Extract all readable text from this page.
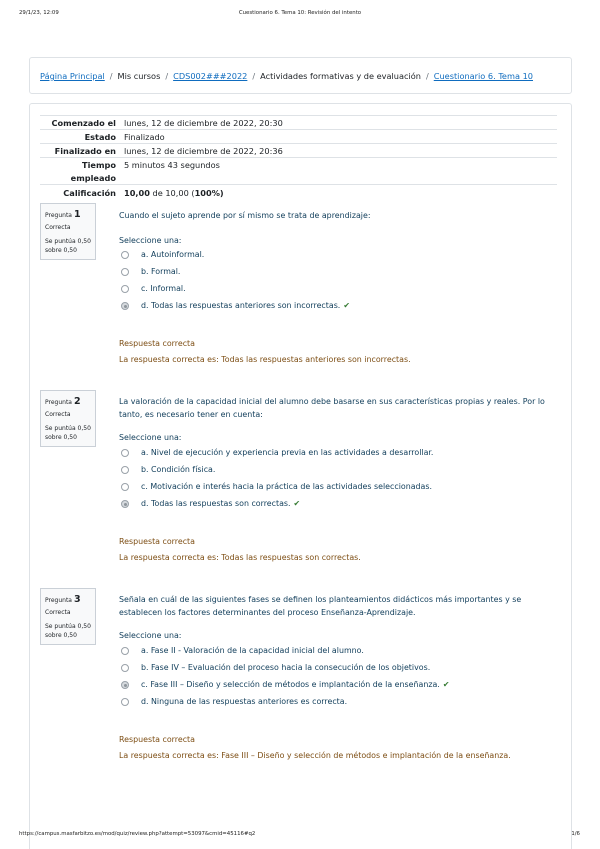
29/1/23, 12:09	Cuestionario 6. Tema 10: Revisión del intento
Página Principal / Mis cursos / CDS002###2022 / Actividades formativas y de evaluación / Cuestionario 6. Tema 10
Comenzado el lunes, 12 de diciembre de 2022, 20:30
Estado Finalizado
Finalizado en lunes, 12 de diciembre de 2022, 20:36
Tiempo
empleado
5 minutos 43 segundos
Calificación 10,00 de 10,00 (100%)
Pregunta 1
Correcta
Se puntúa 0,50
sobre 0,50
Cuando el sujeto aprende por sí mismo se trata de aprendizaje:
Seleccione una:
a. Autoinformal.
b. Formal.
c. Informal.
d. Todas las respuestas anteriores son incorrectas. ✔
Respuesta correcta
La respuesta correcta es: Todas las respuestas anteriores son incorrectas.
Pregunta 2
Correcta
Se puntúa 0,50
sobre 0,50
La valoración de la capacidad inicial del alumno debe basarse en sus características propias y reales. Por lo tanto, es necesario tener en cuenta:
Seleccione una:
a. Nivel de ejecución y experiencia previa en las actividades a desarrollar.
b. Condición física.
c. Motivación e interés hacia la práctica de las actividades seleccionadas.
d. Todas las respuestas son correctas. ✔
Respuesta correcta
La respuesta correcta es: Todas las respuestas son correctas.
Pregunta 3
Correcta
Se puntúa 0,50
sobre 0,50
Señala en cuál de las siguientes fases se definen los planteamientos didácticos más importantes y se establecen los factores determinantes del proceso Enseñanza-Aprendizaje.
Seleccione una:
a. Fase II - Valoración de la capacidad inicial del alumno.
b. Fase IV – Evaluación del proceso hacia la consecución de los objetivos.
c. Fase III – Diseño y selección de métodos e implantación de la enseñanza. ✔
d. Ninguna de las respuestas anteriores es correcta.
Respuesta correcta
La respuesta correcta es: Fase III – Diseño y selección de métodos e implantación de la enseñanza.
https://campus.masfarbitzo.es/mod/quiz/review.php?attempt=53097&cmid=45116#q2	1/6
